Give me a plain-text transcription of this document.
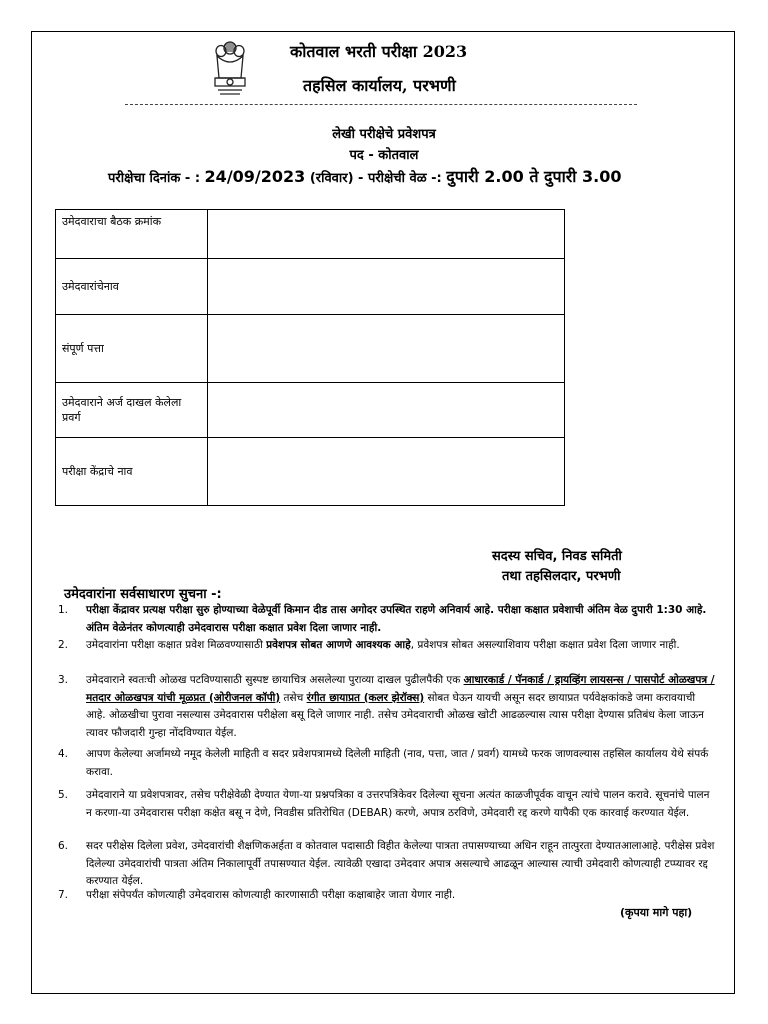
कोतवाल भरती परीक्षा 2023
तहसिल कार्यालय, परभणी
लेखी परीक्षेचे प्रवेशपत्र
पद - कोतवाल
परीक्षेचा दिनांक - : 24/09/2023 (रविवार) - परीक्षेची वेळ -: दुपारी 2.00 ते दुपारी 3.00
उमेदवाराचा बैठक क्रमांक	
उमेदवारांचेनाव	
संपूर्ण पत्ता	
उमेदवाराने अर्ज दाखल केलेला प्रवर्ग	
परीक्षा केंद्राचे नाव	
सदस्य सचिव, निवड समिती
तथा तहसिलदार, परभणी
उमेदवारांना सर्वसाधारण सुचना -:
1.	परीक्षा केंद्रावर प्रत्यक्ष परीक्षा सुरु होण्याच्या वेळेपूर्वी किमान दीड तास अगोदर उपस्थित राहणे अनिवार्य आहे. परीक्षा कक्षात प्रवेशाची अंतिम वेळ दुपारी 1:30 आहे. अंतिम वेळेनंतर कोणत्याही उमेदवारास परीक्षा कक्षात प्रवेश दिला जाणार नाही.
2.	उमेदवारांना परीक्षा कक्षात प्रवेश मिळवण्यासाठी प्रवेशपत्र सोबत आणणे आवश्यक आहे, प्रवेशपत्र सोबत असल्याशिवाय परीक्षा कक्षात प्रवेश दिला जाणार नाही.
3.	उमेदवाराने स्वतःची ओळख पटविण्यासाठी सुस्पष्ट छायाचित्र असलेल्या पुराव्या दाखल पुढीलपैकी एक आधारकार्ड / पॅनकार्ड / ड्रायव्हिंग लायसन्स / पासपोर्ट ओळखपत्र / मतदार ओळखपत्र यांची मूळप्रत (ओरीजनल कॉपी) तसेच रंगीत छायाप्रत (कलर झेरॉक्स) सोबत घेऊन यायची असून सदर छायाप्रत पर्यवेक्षकांकडे जमा करावयाची आहे. ओळखीचा पुरावा नसल्यास उमेदवारास परीक्षेला बसू दिले जाणार नाही. तसेच उमेदवाराची ओळख खोटी आढळल्यास त्यास परीक्षा देण्यास प्रतिबंध केला जाऊन त्यावर फौजदारी गुन्हा नोंदविण्यात येईल.
4.	आपण केलेल्या अर्जामध्ये नमूद केलेली माहिती व सदर प्रवेशपत्रामध्ये दिलेली माहिती (नाव, पत्ता, जात / प्रवर्ग) यामध्ये फरक जाणवल्यास तहसिल कार्यालय येथे संपर्क करावा.
5.	उमेदवाराने या प्रवेशपत्रावर, तसेच परीक्षेवेळी देण्यात येणा-या प्रश्नपत्रिका व उत्तरपत्रिकेवर दिलेल्या सूचना अत्यंत काळजीपूर्वक वाचून त्यांचे पालन करावे. सूचनांचे पालन न करणा-या उमेदवारास परीक्षा कक्षेत बसू न देणे, निवडीस प्रतिरोधित (DEBAR) करणे, अपात्र ठरविणे, उमेदवारी रद्द करणे यापैकी एक कारवाई करण्यात येईल.
6.	सदर परीक्षेस दिलेला प्रवेश, उमेदवारांची शैक्षणिकअर्हता व कोतवाल पदासाठी विहीत केलेल्या पात्रता तपासण्याच्या अधिन राहून तात्पुरता देण्यातआलाआहे. परीक्षेस प्रवेश दिलेल्या उमेदवारांची पात्रता अंतिम निकालापूर्वी तपासण्यात येईल. त्यावेळी एखादा उमेदवार अपात्र असल्याचे आढळून आल्यास त्याची उमेदवारी कोणत्याही टप्प्यावर रद्द करण्यात येईल.
7.	परीक्षा संपेपर्यंत कोणत्याही उमेदवारास कोणत्याही कारणासाठी परीक्षा कक्षाबाहेर जाता येणार नाही.
(कृपया मागे पहा)
